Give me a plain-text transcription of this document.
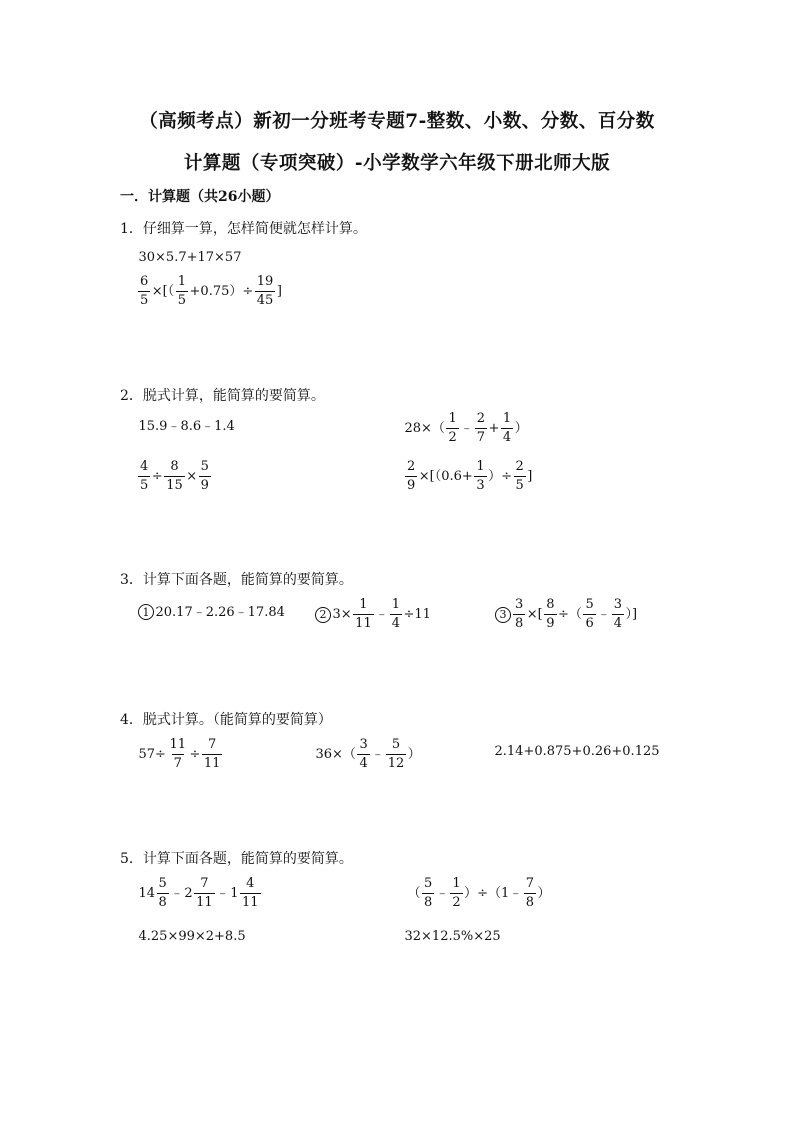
（高频考点）新初一分班考专题7-整数、小数、分数、百分数
计算题（专项突破）-小学数学六年级下册北师大版
一．计算题（共26小题）
1．仔细算一算，怎样简便就怎样计算。
30×5.7+17×57
$\frac{6}{5}$ ×[（ $\frac{1}{5} +0.75)\div \frac{19}{45}$ ]
2．脱式计算，能简算的要简算。
15.9﹣8.6﹣1.4	$28\times( \frac{1}{2}$ ﹣ $\frac{2}{7} + \frac{1}{4}$ ）
$\frac{4}{5} \div \frac{8}{15} \times \frac{5}{9}$	$\frac{2}{9} \times[(0.6+ \frac{1}{3}$ ）÷ $\frac{2}{5}$ ]
3．计算下面各题，能简算的要简算。
1 20.17﹣2.26﹣17.84	2 $3\times \frac{1}{11}$ ﹣ $\frac{1}{4} \div 11$	$3 \frac{3}{8}$ ×[ $\frac{8}{9}$ ÷（ $\frac{5}{6}$ ﹣ $\frac{3}{4}$ ）]
4．脱式计算。（能简算的要简算）
$57\div \frac{11}{7} \div \frac{7}{11}$	$36\times( \frac{3}{4}$ ﹣ $\frac{5}{12}$ ）	2.14+0.875+0.26+0.125
5．计算下面各题，能简算的要简算。
$14 \frac{5}{8}$ ﹣ $2 \frac{7}{11}$ ﹣ $1 \frac{4}{11}$	（ $\frac{5}{8}$ ﹣ $\frac{1}{2}$ ）÷（1﹣ $\frac{7}{8}$ ）
4.25×99×2+8.5	32×12.5%×25
